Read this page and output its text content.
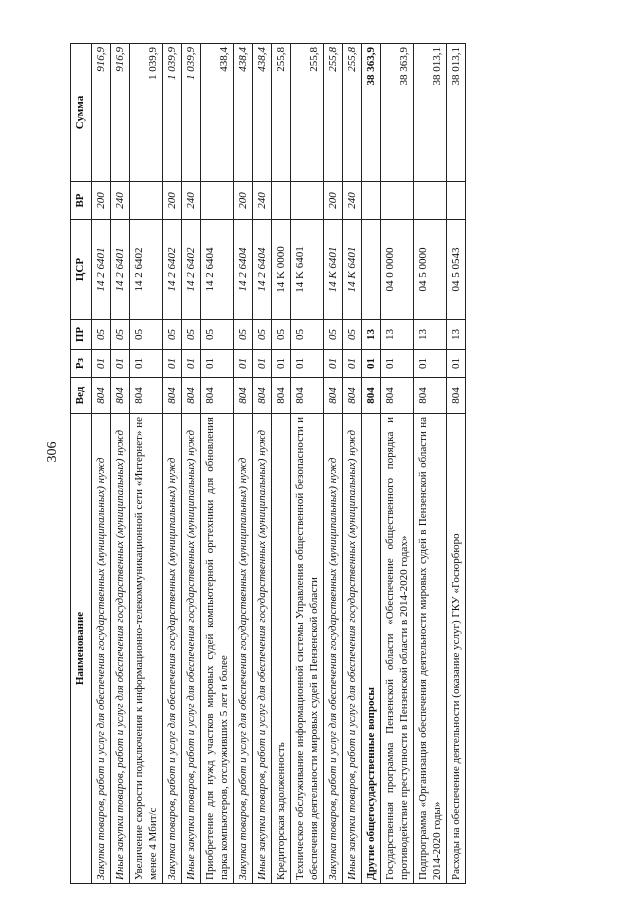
306
Наименование	Вед	Рз	ПР	ЦСР	ВР	Сумма
Закупка товаров, работ и услуг для обеспечения государственных (муниципальных) нужд	804	01	05	14 2 6401	200	916,9
Иные закупки товаров, работ и услуг для обеспечения государственных (муниципальных) нужд	804	01	05	14 2 6401	240	916,9
Увеличение скорости подключения к информационно-телекоммуникационной сети «Интернет» не менее 4 Мбит/с	804	01	05	14 2 6402		1 039,9
Закупка товаров, работ и услуг для обеспечения государственных (муниципальных) нужд	804	01	05	14 2 6402	200	1 039,9
Иные закупки товаров, работ и услуг для обеспечения государственных (муниципальных) нужд	804	01	05	14 2 6402	240	1 039,9
Приобретение для нужд участков мировых судей компьютерной оргтехники для обновления парка компьютеров, отслуживших 5 лет и более	804	01	05	14 2 6404		438,4
Закупка товаров, работ и услуг для обеспечения государственных (муниципальных) нужд	804	01	05	14 2 6404	200	438,4
Иные закупки товаров, работ и услуг для обеспечения государственных (муниципальных) нужд	804	01	05	14 2 6404	240	438,4
Кредиторская задолженность	804	01	05	14 K 0000		255,8
Техническое обслуживание информационной системы Управления общественной безопасности и обеспечения деятельности мировых судей в Пензенской области	804	01	05	14 K 6401		255,8
Закупка товаров, работ и услуг для обеспечения государственных (муниципальных) нужд	804	01	05	14 K 6401	200	255,8
Иные закупки товаров, работ и услуг для обеспечения государственных (муниципальных) нужд	804	01	05	14 K 6401	240	255,8
Другие общегосударственные вопросы	804	01	13			38 363,9
Государственная программа Пензенской области «Обеспечение общественного порядка и противодействие преступности в Пензенской области в 2014-2020 годах»	804	01	13	04 0 0000		38 363,9
Подпрограмма «Организация обеспечения деятельности мировых судей в Пензенской области на 2014-2020 годы»	804	01	13	04 5 0000		38 013,1
Расходы на обеспечение деятельности (оказание услуг) ГКУ «Госюрбюро	804	01	13	04 5 0543		38 013,1
